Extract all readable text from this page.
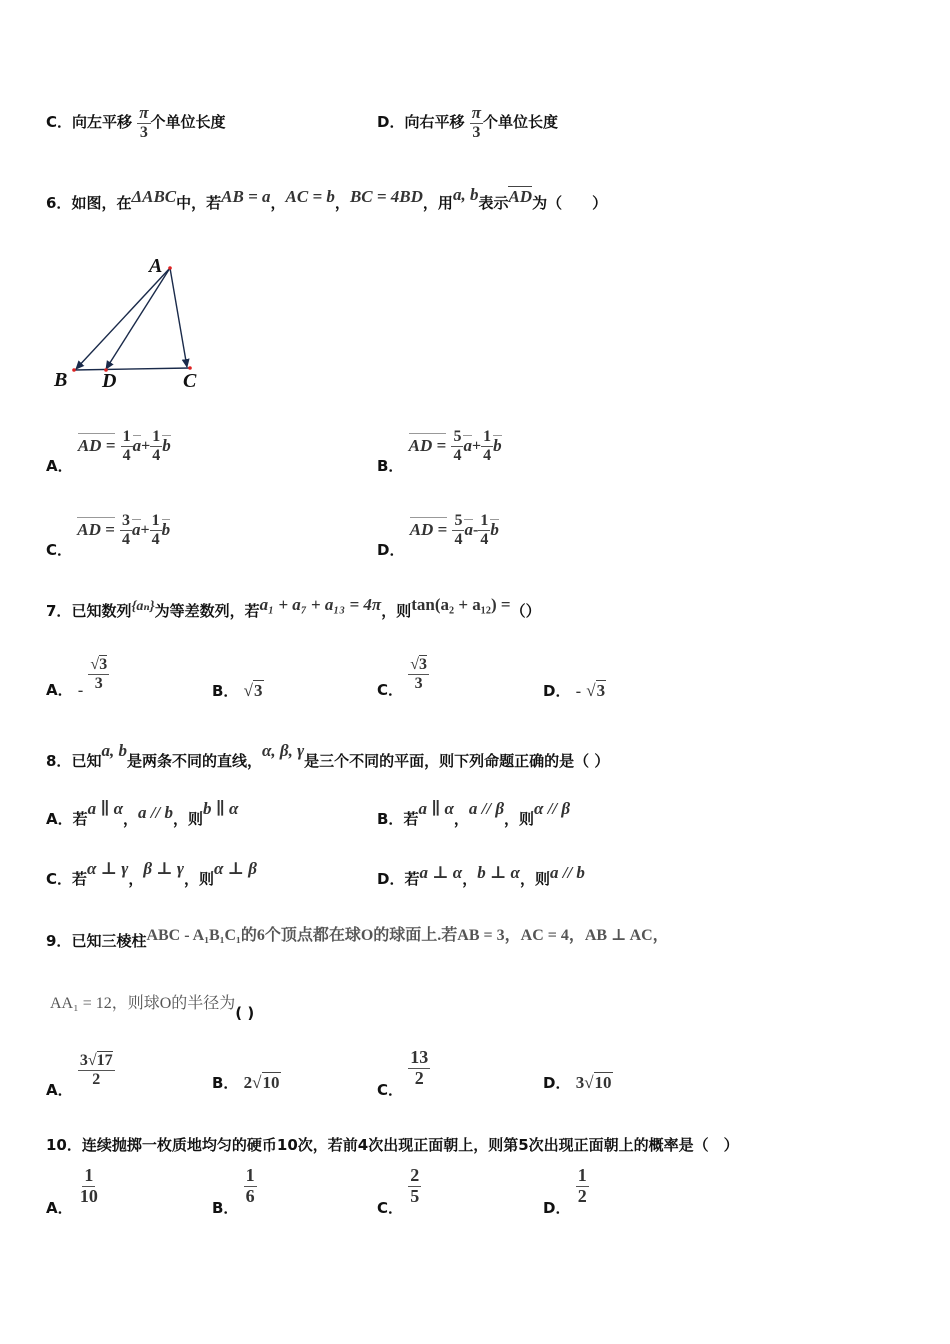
C．向左平移 $\frac{\pi}{3}$ 个单位长度	D．向右平移 $\frac{\pi}{3}$ 个单位长度
6．如图，在ΔABC中，若AB = a，AC = b，BC = 4BD，用a, b表示AD为（　　）
A
B D	C
A． AD = $\frac{1}{4} a+ \frac{1}{4}$ b
B． AD = $\frac{5}{4} a+ \frac{1}{4}$ b
C． AD = $\frac{3}{4} a+ \frac{1}{4}$ b
D． AD = $\frac{5}{4} a- \frac{1}{4}$ b
7．已知数列{aₙ}为等差数列，若a₁ + a₇ + a₁₃ = 4π，则tan(a₂ + a₁₂) =（）
A． - $\frac{√3}{3}$	B． √3	C． $\frac{√3}{3}$	D． - √3
8．已知a, b是两条不同的直线，α, β, γ是三个不同的平面，则下列命题正确的是（ ）
A．若a ∥ α，a // b，则b ∥ α
B．若a ∥ α，a // β，则α // β
C．若α ⊥ γ，β ⊥ γ，则α ⊥ β
D．若a ⊥ α，b ⊥ α，则a // b
9．已知三棱柱ABC - A₁B₁C₁的6个顶点都在球O的球面上.若AB = 3，AC = 4，AB ⊥ AC，
AA₁ = 12，则球O的半径为( )
A．
$\frac{3√17}{2}$	B． 2√10	C．
$\frac{13}{2}$	D． 3√10
10．连续抛掷一枚质地均匀的硬币10次，若前4次出现正面朝上，则第5次出现正面朝上的概率是（　）
A．
$\frac{1}{10}$
B．
$\frac{1}{6}$
C．
$\frac{2}{5}$
D．
$\frac{1}{2}$
